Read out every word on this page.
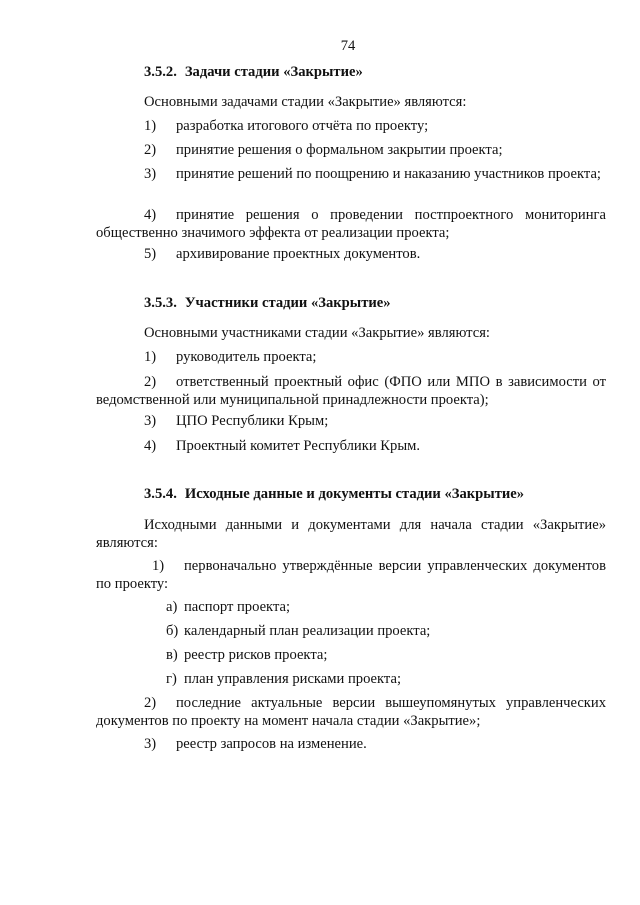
74
3.5.2. Задачи стадии «Закрытие»
Основными задачами стадии «Закрытие» являются:
1) разработка итогового отчёта по проекту;
2) принятие решения о формальном закрытии проекта;
3) принятие решений по поощрению и наказанию участников проекта;
4) принятие решения о проведении постпроектного мониторинга общественно значимого эффекта от реализации проекта;
5) архивирование проектных документов.
3.5.3. Участники стадии «Закрытие»
Основными участниками стадии «Закрытие» являются:
1) руководитель проекта;
2) ответственный проектный офис (ФПО или МПО в зависимости от ведомственной или муниципальной принадлежности проекта);
3) ЦПО Республики Крым;
4) Проектный комитет Республики Крым.
3.5.4. Исходные данные и документы стадии «Закрытие»
Исходными данными и документами для начала стадии «Закрытие» являются:
1) первоначально утверждённые версии управленческих документов по проекту:
а) паспорт проекта;
б) календарный план реализации проекта;
в) реестр рисков проекта;
г) план управления рисками проекта;
2) последние актуальные версии вышеупомянутых управленческих документов по проекту на момент начала стадии «Закрытие»;
3) реестр запросов на изменение.
